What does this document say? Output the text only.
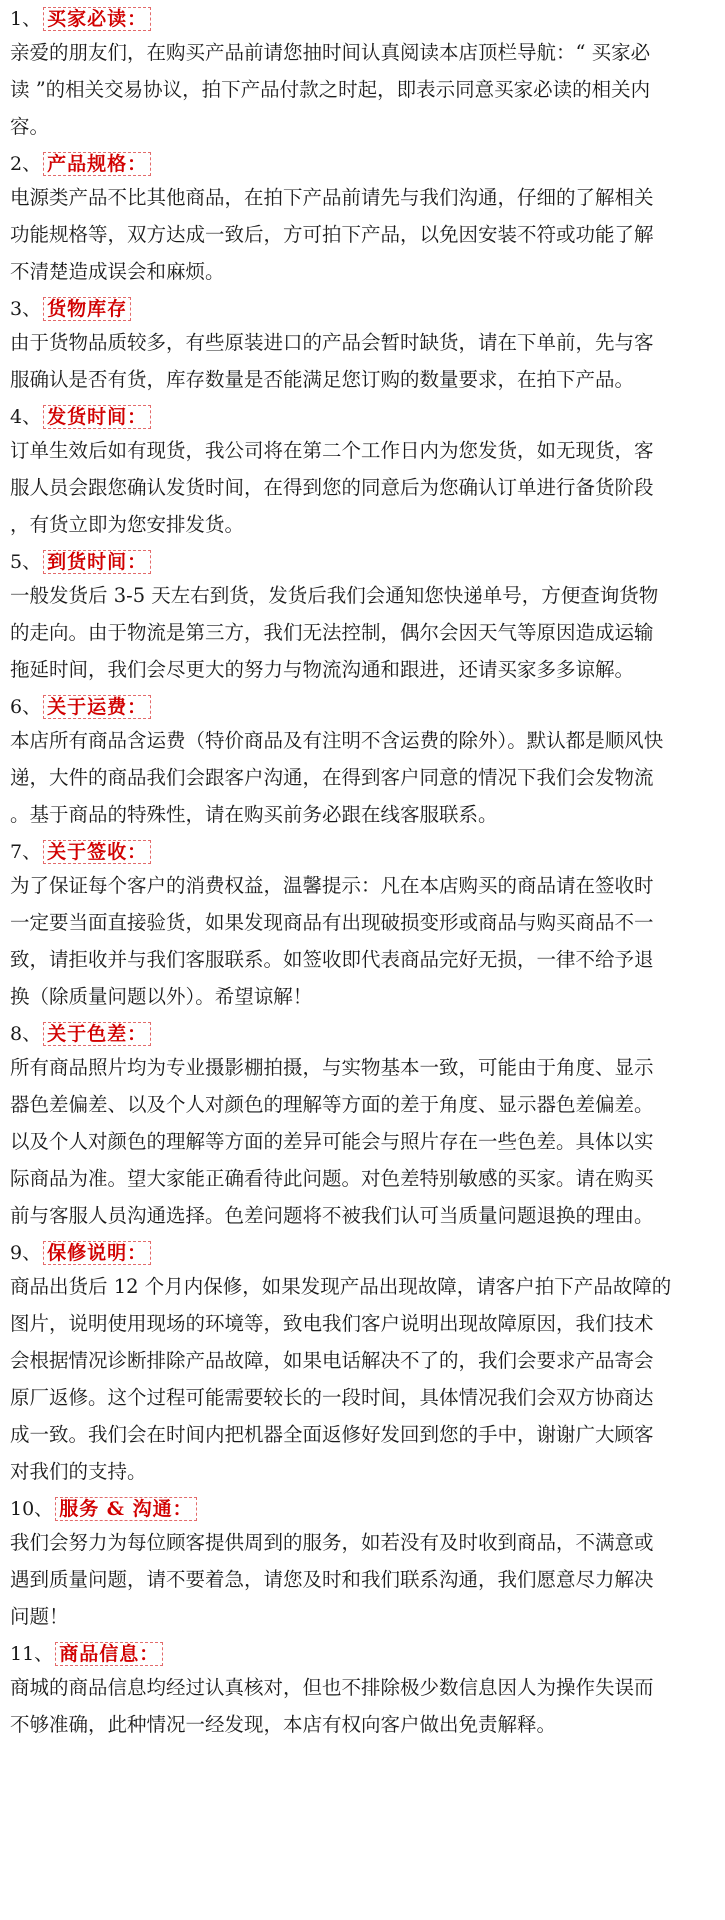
1、 买家必读：

亲爱的朋友们，在购买产品前请您抽时间认真阅读本店顶栏导航：“ 买家必

读 ”的相关交易协议，拍下产品付款之时起，即表示同意买家必读的相关内

容。

2、 产品规格：

电源类产品不比其他商品，在拍下产品前请先与我们沟通，仔细的了解相关

功能规格等，双方达成一致后，方可拍下产品，以免因安装不符或功能了解

不清楚造成误会和麻烦。

3、 货物库存

由于货物品质较多，有些原装进口的产品会暂时缺货，请在下单前，先与客

服确认是否有货，库存数量是否能满足您订购的数量要求，在拍下产品。

4、 发货时间：

订单生效后如有现货，我公司将在第二个工作日内为您发货，如无现货，客

服人员会跟您确认发货时间，在得到您的同意后为您确认订单进行备货阶段

，有货立即为您安排发货。

5、 到货时间：

一般发货后 3-5 天左右到货，发货后我们会通知您快递单号，方便查询货物

的走向。由于物流是第三方，我们无法控制，偶尔会因天气等原因造成运输

拖延时间，我们会尽更大的努力与物流沟通和跟进，还请买家多多谅解。

6、 关于运费：

本店所有商品含运费（特价商品及有注明不含运费的除外）。默认都是顺风快

递，大件的商品我们会跟客户沟通，在得到客户同意的情况下我们会发物流

。基于商品的特殊性，请在购买前务必跟在线客服联系。

7、 关于签收：

为了保证每个客户的消费权益，温馨提示：凡在本店购买的商品请在签收时

一定要当面直接验货，如果发现商品有出现破损变形或商品与购买商品不一

致，请拒收并与我们客服联系。如签收即代表商品完好无损，一律不给予退

换（除质量问题以外）。希望谅解！

8、 关于色差：

所有商品照片均为专业摄影棚拍摄，与实物基本一致，可能由于角度、显示

器色差偏差、以及个人对颜色的理解等方面的差于角度、显示器色差偏差。

以及个人对颜色的理解等方面的差异可能会与照片存在一些色差。具体以实

际商品为准。望大家能正确看待此问题。对色差特别敏感的买家。请在购买

前与客服人员沟通选择。色差问题将不被我们认可当质量问题退换的理由。

9、 保修说明：

商品出货后 12 个月内保修，如果发现产品出现故障，请客户拍下产品故障的

图片，说明使用现场的环境等，致电我们客户说明出现故障原因，我们技术

会根据情况诊断排除产品故障，如果电话解决不了的，我们会要求产品寄会

原厂返修。这个过程可能需要较长的一段时间，具体情况我们会双方协商达

成一致。我们会在时间内把机器全面返修好发回到您的手中，谢谢广大顾客

对我们的支持。

10、 服务 & 沟通：

我们会努力为每位顾客提供周到的服务，如若没有及时收到商品，不满意或

遇到质量问题，请不要着急，请您及时和我们联系沟通，我们愿意尽力解决

问题！

11、 商品信息：

商城的商品信息均经过认真核对，但也不排除极少数信息因人为操作失误而

不够准确，此种情况一经发现，本店有权向客户做出免责解释。
